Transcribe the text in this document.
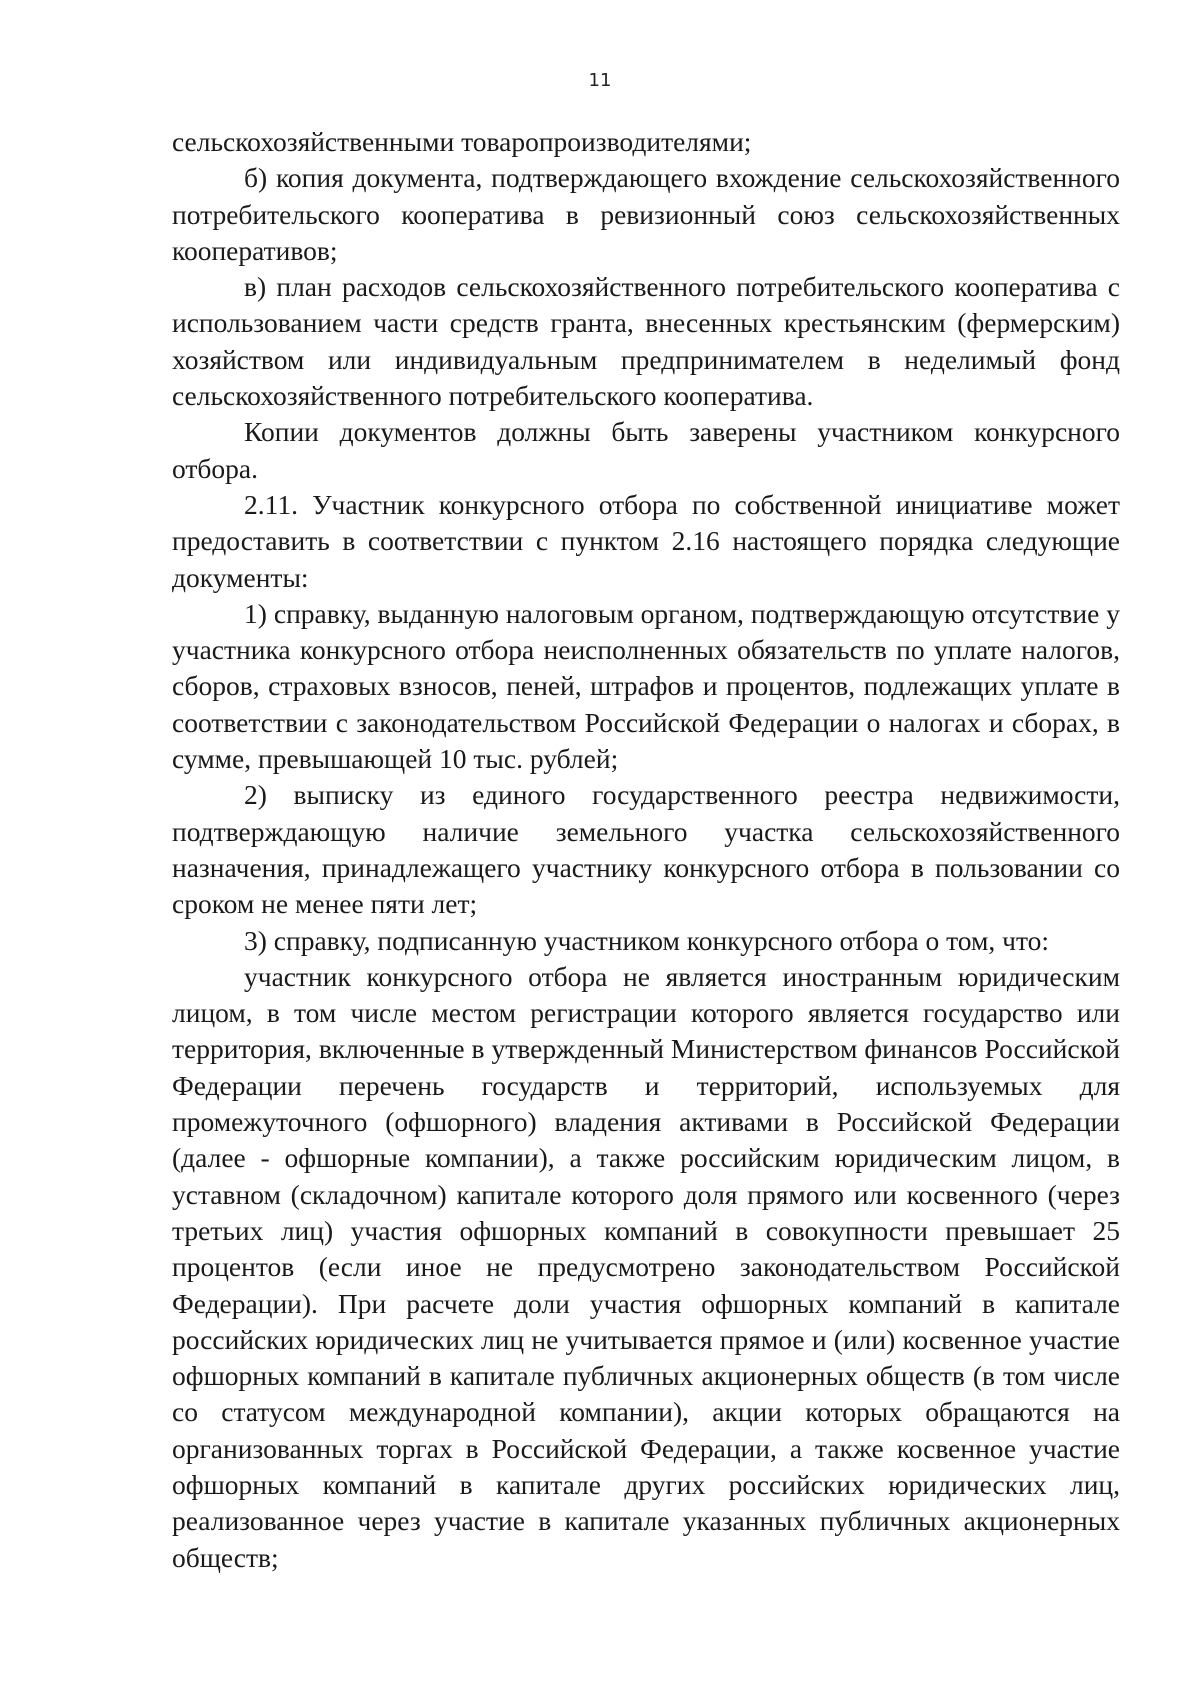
11

сельскохозяйственными товаропроизводителями;

б) копия документа, подтверждающего вхождение сельскохозяйственного потребительского кооператива в ревизионный союз сельскохозяйственных кооперативов;

в) план расходов сельскохозяйственного потребительского кооператива с использованием части средств гранта, внесенных крестьянским (фермерским) хозяйством или индивидуальным предпринимателем в неделимый фонд сельскохозяйственного потребительского кооператива.

Копии документов должны быть заверены участником конкурсного отбора.

2.11. Участник конкурсного отбора по собственной инициативе может предоставить в соответствии с пунктом 2.16 настоящего порядка следующие документы:

1) справку, выданную налоговым органом, подтверждающую отсутствие у участника конкурсного отбора неисполненных обязательств по уплате налогов, сборов, страховых взносов, пеней, штрафов и процентов, подлежащих уплате в соответствии с законодательством Российской Федерации о налогах и сборах, в сумме, превышающей 10 тыс. рублей;

2) выписку из единого государственного реестра недвижимости, подтверждающую наличие земельного участка сельскохозяйственного назначения, принадлежащего участнику конкурсного отбора в пользовании со сроком не менее пяти лет;

3) справку, подписанную участником конкурсного отбора о том, что:

участник конкурсного отбора не является иностранным юридическим лицом, в том числе местом регистрации которого является государство или территория, включенные в утвержденный Министерством финансов Российской Федерации перечень государств и территорий, используемых для промежуточного (офшорного) владения активами в Российской Федерации (далее - офшорные компании), а также российским юридическим лицом, в уставном (складочном) капитале которого доля прямого или косвенного (через третьих лиц) участия офшорных компаний в совокупности превышает 25 процентов (если иное не предусмотрено законодательством Российской Федерации). При расчете доли участия офшорных компаний в капитале российских юридических лиц не учитывается прямое и (или) косвенное участие офшорных компаний в капитале публичных акционерных обществ (в том числе со статусом международной компании), акции которых обращаются на организованных торгах в Российской Федерации, а также косвенное участие офшорных компаний в капитале других российских юридических лиц, реализованное через участие в капитале указанных публичных акционерных обществ;
